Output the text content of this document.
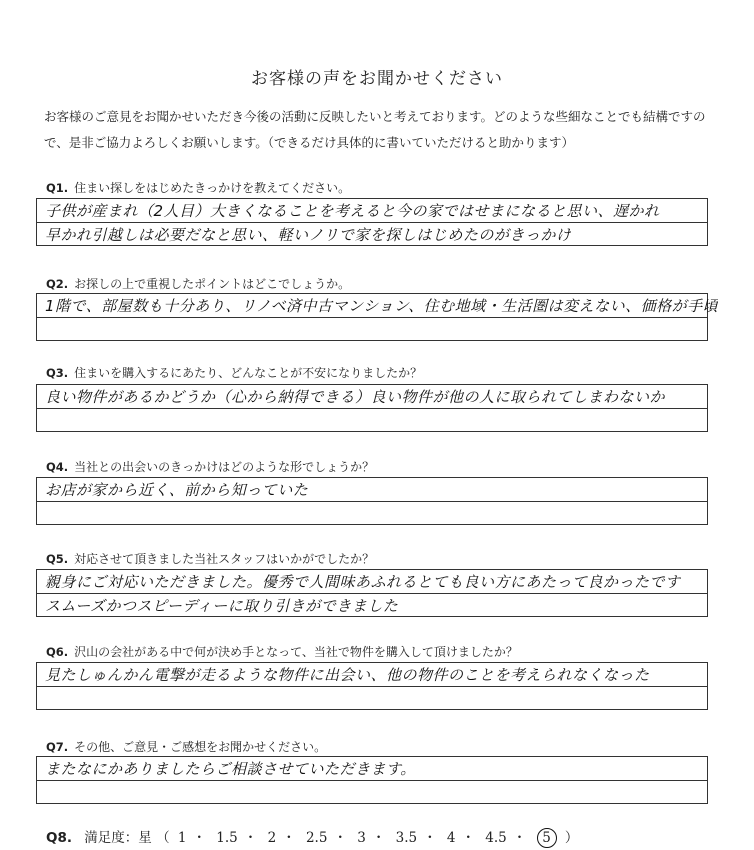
お客様の声をお聞かせください

お客様のご意見をお聞かせいただき今後の活動に反映したいと考えております。どのような些細なことでも結構ですので、是非ご協力よろしくお願いします。（できるだけ具体的に書いていただけると助かります）

Q1. 住まい探しをはじめたきっかけを教えてください。

子供が産まれ（2人目）大きくなることを考えると今の家ではせまになると思い、遅かれ
早かれ引越しは必要だなと思い、軽いノリで家を探しはじめたのがきっかけ

Q2. お探しの上で重視したポイントはどこでしょうか。

1階で、部屋数も十分あり、リノベ済中古マンション、住む地域・生活圏は変えない、価格が手頃

Q3. 住まいを購入するにあたり、どんなことが不安になりましたか？

良い物件があるかどうか（心から納得できる）良い物件が他の人に取られてしまわないか

Q4. 当社との出会いのきっかけはどのような形でしょうか？

お店が家から近く、前から知っていた

Q5. 対応させて頂きました当社スタッフはいかがでしたか？

親身にご対応いただきました。優秀で人間味あふれるとても良い方にあたって良かったです
スムーズかつスピーディーに取り引きができました

Q6. 沢山の会社がある中で何が決め手となって、当社で物件を購入して頂けましたか？

見たしゅんかん電撃が走るような物件に出会い、他の物件のことを考えられなくなった

Q7. その他、ご意見・ご感想をお聞かせください。

またなにかありましたらご相談させていただきます。
Q8. 満足度：星 （ 1 ・ 1.5 ・ 2 ・ 2.5 ・ 3 ・ 3.5 ・ 4 ・ 4.5 ・ 5 ）
